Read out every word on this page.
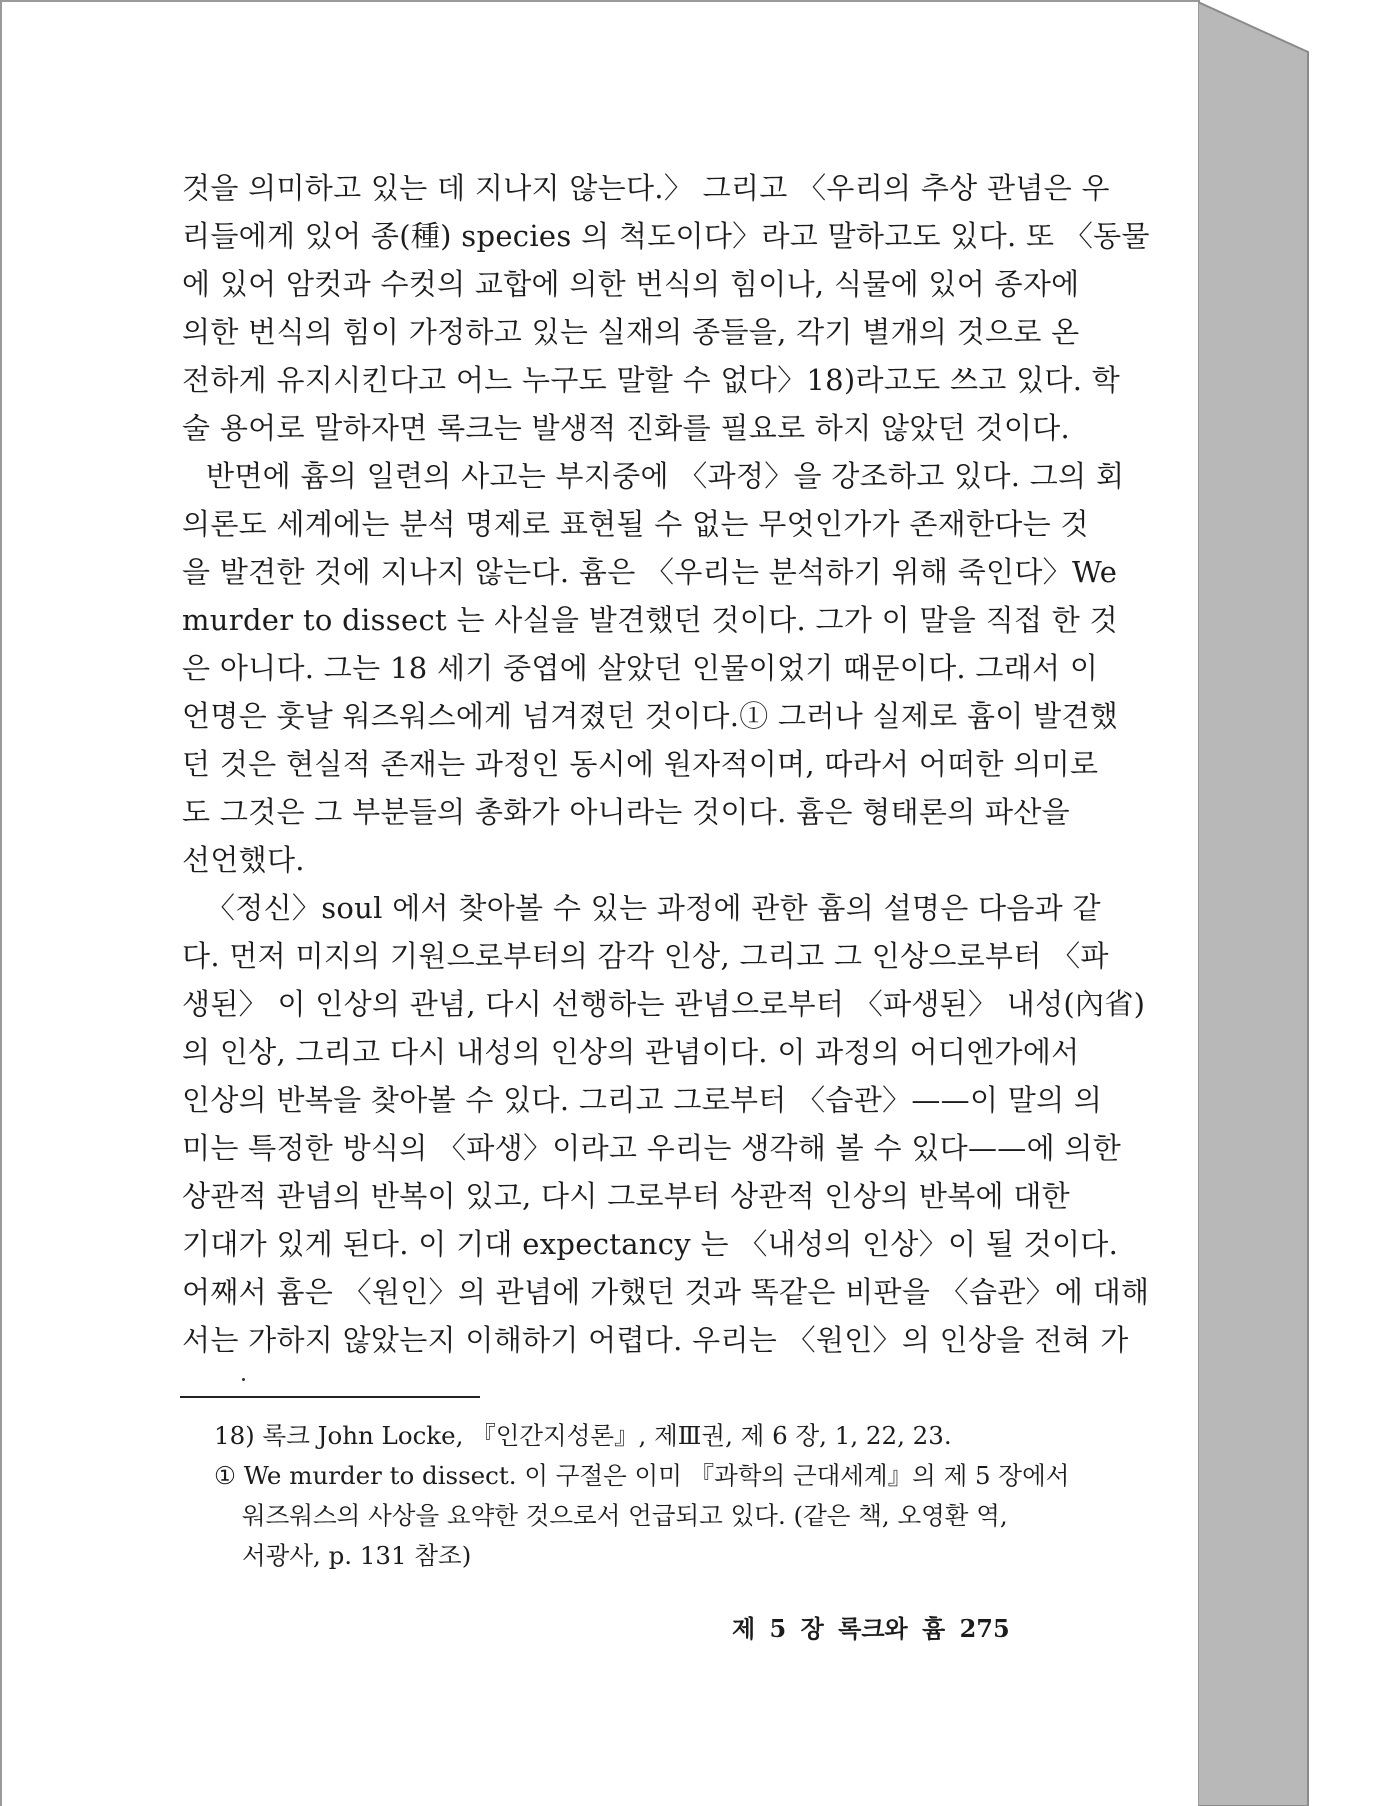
것을 의미하고 있는 데 지나지 않는다.〉 그리고 〈우리의 추상 관념은 우
리들에게 있어 종(種) species 의 척도이다〉라고 말하고도 있다. 또 〈동물
에 있어 암컷과 수컷의 교합에 의한 번식의 힘이나, 식물에 있어 종자에
의한 번식의 힘이 가정하고 있는 실재의 종들을, 각기 별개의 것으로 온
전하게 유지시킨다고 어느 누구도 말할 수 없다〉18)라고도 쓰고 있다. 학
술 용어로 말하자면 록크는 발생적 진화를 필요로 하지 않았던 것이다.
반면에 흄의 일련의 사고는 부지중에 〈과정〉을 강조하고 있다. 그의 회
의론도 세계에는 분석 명제로 표현될 수 없는 무엇인가가 존재한다는 것
을 발견한 것에 지나지 않는다. 흄은 〈우리는 분석하기 위해 죽인다〉We
murder to dissect 는 사실을 발견했던 것이다. 그가 이 말을 직접 한 것
은 아니다. 그는 18 세기 중엽에 살았던 인물이었기 때문이다. 그래서 이
언명은 훗날 워즈워스에게 넘겨졌던 것이다.① 그러나 실제로 흄이 발견했
던 것은 현실적 존재는 과정인 동시에 원자적이며, 따라서 어떠한 의미로
도 그것은 그 부분들의 총화가 아니라는 것이다. 흄은 형태론의 파산을
선언했다.
〈정신〉soul 에서 찾아볼 수 있는 과정에 관한 흄의 설명은 다음과 같
다. 먼저 미지의 기원으로부터의 감각 인상, 그리고 그 인상으로부터 〈파
생된〉 이 인상의 관념, 다시 선행하는 관념으로부터 〈파생된〉 내성(內省)
의 인상, 그리고 다시 내성의 인상의 관념이다. 이 과정의 어디엔가에서
인상의 반복을 찾아볼 수 있다. 그리고 그로부터 〈습관〉——이 말의 의
미는 특정한 방식의 〈파생〉이라고 우리는 생각해 볼 수 있다——에 의한
상관적 관념의 반복이 있고, 다시 그로부터 상관적 인상의 반복에 대한
기대가 있게 된다. 이 기대 expectancy 는 〈내성의 인상〉이 될 것이다.
어째서 흄은 〈원인〉의 관념에 가했던 것과 똑같은 비판을 〈습관〉에 대해
서는 가하지 않았는지 이해하기 어렵다. 우리는 〈원인〉의 인상을 전혀 가
18) 록크 John Locke, 『인간지성론』, 제Ⅲ권, 제 6 장, 1, 22, 23.
① We murder to dissect. 이 구절은 이미 『과학의 근대세계』의 제 5 장에서
워즈워스의 사상을 요약한 것으로서 언급되고 있다. (같은 책, 오영환 역,
서광사, p. 131 참조)
제 5 장 록크와 흄 275
